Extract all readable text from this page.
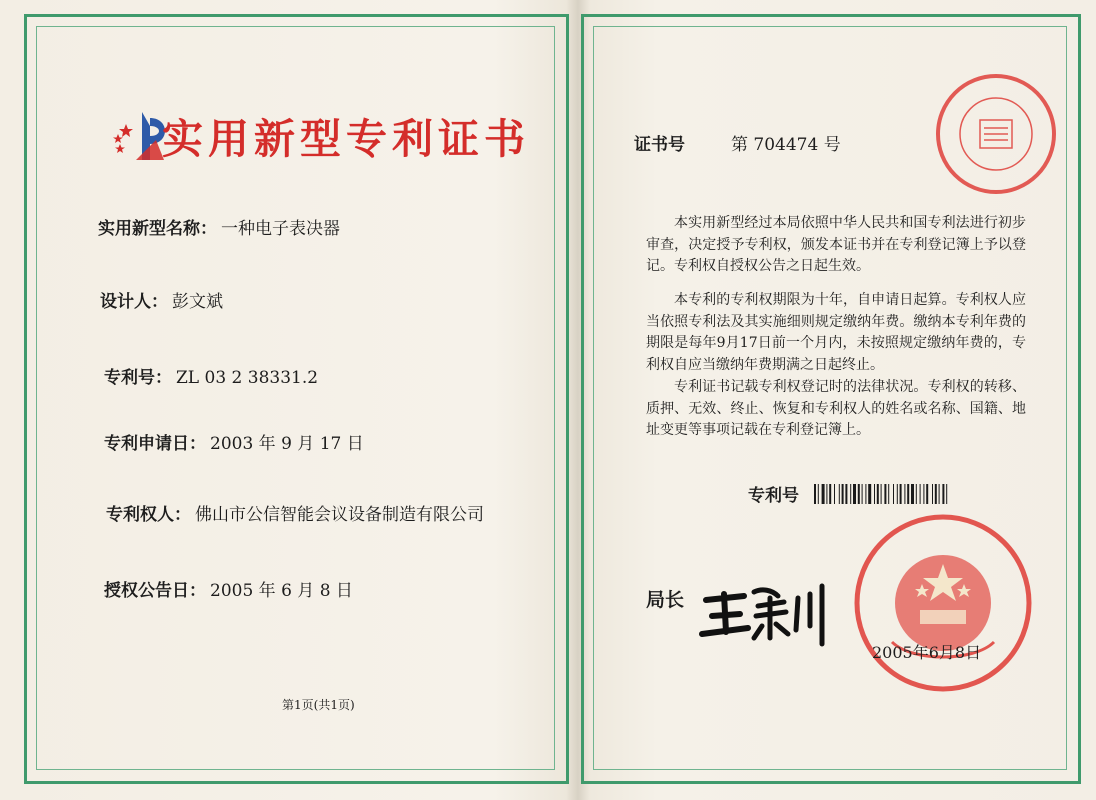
实用新型专利证书
实用新型名称： 一种电子表决器
设计人： 彭文斌
专利号： ZL 03 2 38331.2
专利申请日： 2003 年 9 月 17 日
专利权人： 佛山市公信智能会议设备制造有限公司
授权公告日： 2005 年 6 月 8 日
第1页(共1页)
证书号	第 704474 号
本实用新型经过本局依照中华人民共和国专利法进行初步审查，决定授予专利权，颁发本证书并在专利登记簿上予以登记。专利权自授权公告之日起生效。
本专利的专利权期限为十年，自申请日起算。专利权人应当依照专利法及其实施细则规定缴纳年费。缴纳本专利年费的期限是每年9月17日前一个月内，未按照规定缴纳年费的，专利权自应当缴纳年费期满之日起终止。
专利证书记载专利权登记时的法律状况。专利权的转移、质押、无效、终止、恢复和专利权人的姓名或名称、国籍、地址变更等事项记载在专利登记簿上。
专利号
局长
2005年6月8日
